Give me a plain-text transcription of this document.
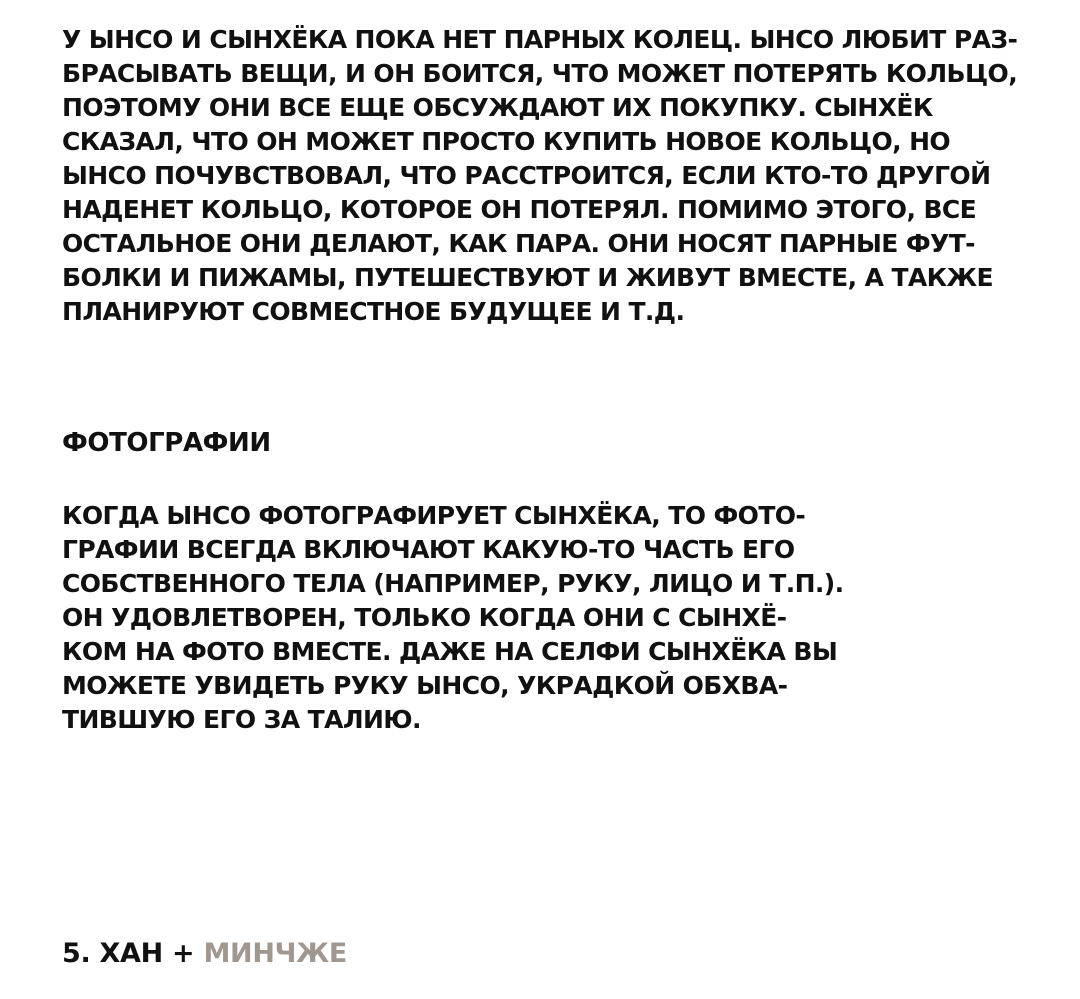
У ЫНСО И СЫНХЁКА ПОКА НЕТ ПАРНЫХ КОЛЕЦ. ЫНСО ЛЮБИТ РАЗ-

БРАСЫВАТЬ ВЕЩИ, И ОН БОИТСЯ, ЧТО МОЖЕТ ПОТЕРЯТЬ КОЛЬЦО,

ПОЭТОМУ ОНИ ВСЕ ЕЩЕ ОБСУЖДАЮТ ИХ ПОКУПКУ. СЫНХЁК

СКАЗАЛ, ЧТО ОН МОЖЕТ ПРОСТО КУПИТЬ НОВОЕ КОЛЬЦО, НО

ЫНСО ПОЧУВСТВОВАЛ, ЧТО РАССТРОИТСЯ, ЕСЛИ КТО-ТО ДРУГОЙ

НАДЕНЕТ КОЛЬЦО, КОТОРОЕ ОН ПОТЕРЯЛ. ПОМИМО ЭТОГО, ВСЕ

ОСТАЛЬНОЕ ОНИ ДЕЛАЮТ, КАК ПАРА. ОНИ НОСЯТ ПАРНЫЕ ФУТ-

БОЛКИ И ПИЖАМЫ, ПУТЕШЕСТВУЮТ И ЖИВУТ ВМЕСТЕ, А ТАКЖЕ

ПЛАНИРУЮТ СОВМЕСТНОЕ БУДУЩЕЕ И Т.Д.

ФОТОГРАФИИ

КОГДА ЫНСО ФОТОГРАФИРУЕТ СЫНХЁКА, ТО ФОТО-

ГРАФИИ ВСЕГДА ВКЛЮЧАЮТ КАКУЮ-ТО ЧАСТЬ ЕГО

СОБСТВЕННОГО ТЕЛА (НАПРИМЕР, РУКУ, ЛИЦО И Т.П.).

ОН УДОВЛЕТВОРЕН, ТОЛЬКО КОГДА ОНИ С СЫНХЁ-

КОМ НА ФОТО ВМЕСТЕ. ДАЖЕ НА СЕЛФИ СЫНХЁКА ВЫ

МОЖЕТЕ УВИДЕТЬ РУКУ ЫНСО, УКРАДКОЙ ОБХВА-

ТИВШУЮ ЕГО ЗА ТАЛИЮ.

5. ХАН + МИНЧЖЕ
